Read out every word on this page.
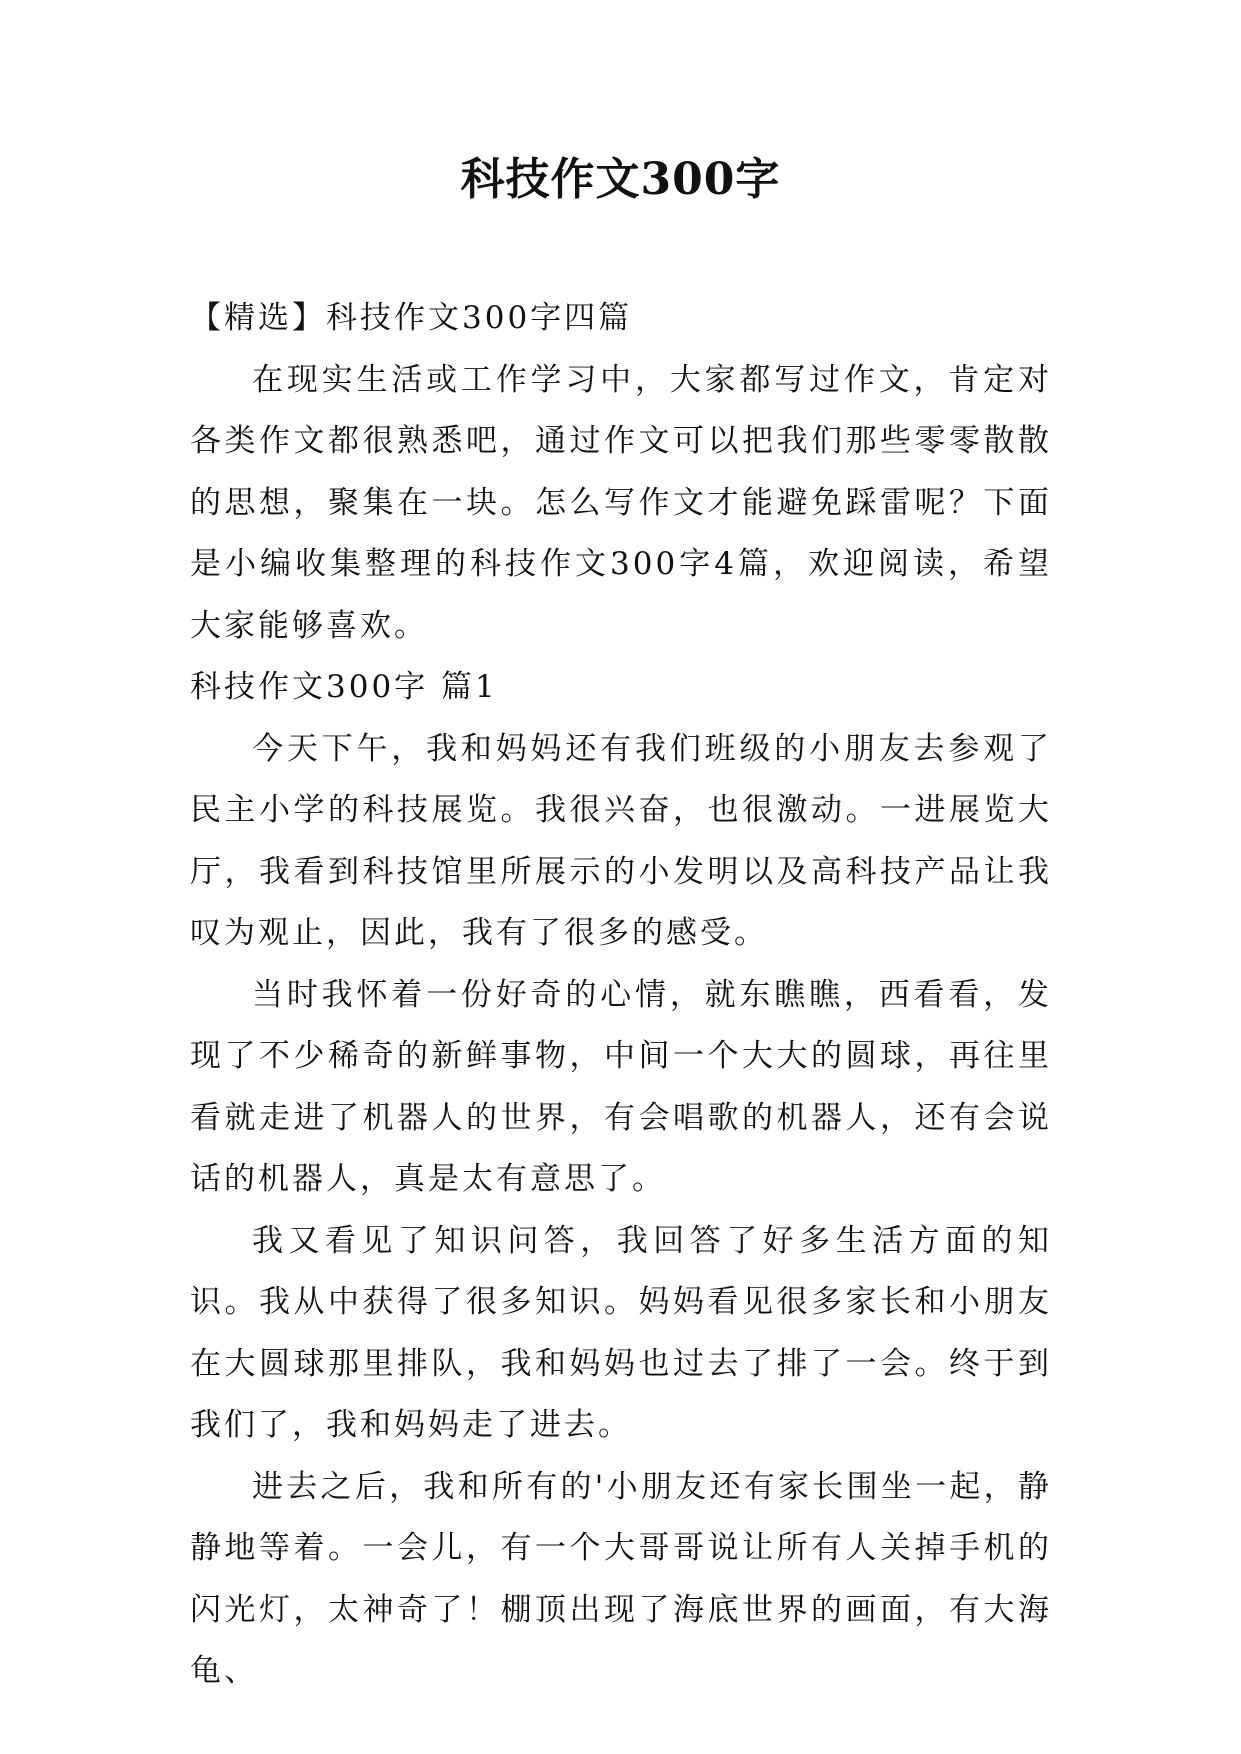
科技作文300字

【精选】科技作文300字四篇

在现实生活或工作学习中，大家都写过作文，肯定对各类作文都很熟悉吧，通过作文可以把我们那些零零散散的思想，聚集在一块。怎么写作文才能避免踩雷呢？下面是小编收集整理的科技作文300字4篇，欢迎阅读，希望大家能够喜欢。

科技作文300字 篇1

今天下午，我和妈妈还有我们班级的小朋友去参观了民主小学的科技展览。我很兴奋，也很激动。一进展览大厅，我看到科技馆里所展示的小发明以及高科技产品让我叹为观止，因此，我有了很多的感受。

当时我怀着一份好奇的心情，就东瞧瞧，西看看，发现了不少稀奇的新鲜事物，中间一个大大的圆球，再往里看就走进了机器人的世界，有会唱歌的机器人，还有会说话的机器人，真是太有意思了。

我又看见了知识问答，我回答了好多生活方面的知识。我从中获得了很多知识。妈妈看见很多家长和小朋友在大圆球那里排队，我和妈妈也过去了排了一会。终于到我们了，我和妈妈走了进去。

进去之后，我和所有的'小朋友还有家长围坐一起，静静地等着。一会儿，有一个大哥哥说让所有人关掉手机的闪光灯，太神奇了！棚顶出现了海底世界的画面，有大海龟、
